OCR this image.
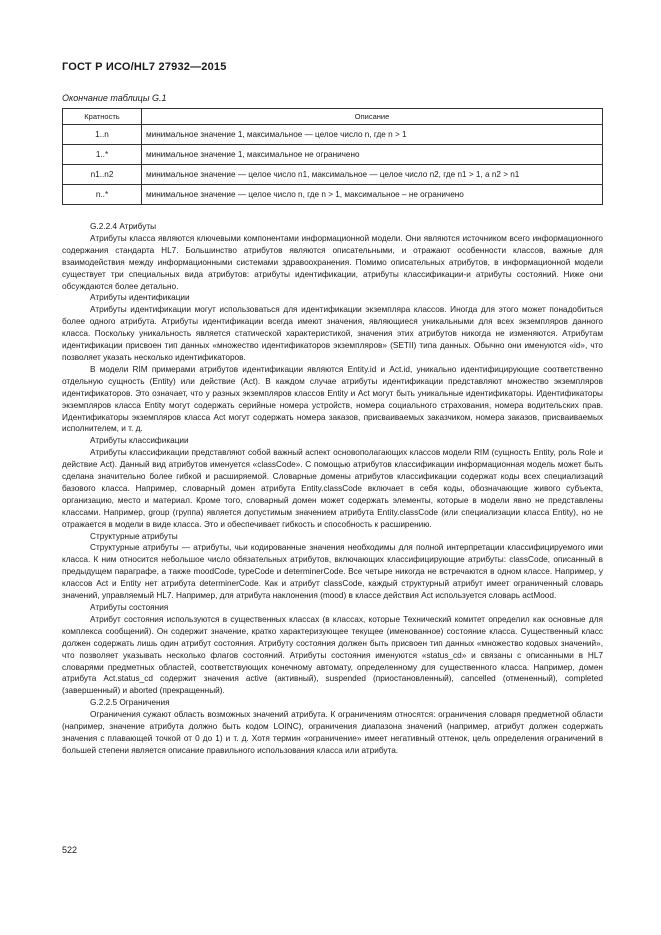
ГОСТ Р ИСО/HL7 27932—2015
Окончание таблицы G.1
Кратность	Описание
1..n	минимальное значение 1, максимальное — целое число n, где n > 1
1..*	минимальное значение 1, максимальное не ограничено
n1..n2	минимальное значение — целое число n1, максимальное — целое число n2, где n1 > 1, а n2 > n1
n..*	минимальное значение — целое число n, где n > 1, максимальное – не ограничено

G.2.2.4 Атрибуты

Атрибуты класса являются ключевыми компонентами информационной модели. Они являются источником всего информационного содержания стандарта HL7. Большинство атрибутов являются описательными, и отражают особенности классов, важные для взаимодействия между информационными системами здравоохранения. Помимо описательных атрибутов, в информационной модели существует три специальных вида атрибутов: атрибуты идентификации, атрибуты классификации-и атрибуты состояний. Ниже они обсуждаются более детально.

Атрибуты идентификации

Атрибуты идентификации могут использоваться для идентификации экземпляра классов. Иногда для этого может понадобиться более одного атрибута. Атрибуты идентификации всегда имеют значения, являющиеся уникальными для всех экземпляров данного класса. Поскольку уникальность является статической характеристикой, значения этих атрибутов никогда не изменяются. Атрибутам идентификации присвоен тип данных «множество идентификаторов экземпляров» (SETII) типа данных. Обычно они именуются «id», что позволяет указать несколько идентификаторов.

В модели RIM примерами атрибутов идентификации являются Entity.id и Act.id, уникально идентифицирующие соответственно отдельную сущность (Entity) или действие (Act). В каждом случае атрибуты идентификации представляют множество экземпляров идентификаторов. Это означает, что у разных экземпляров классов Entity и Act могут быть уникальные идентификаторы. Идентификаторы экземпляров класса Entity могут содержать серийные номера устройств, номера социального страхования, номера водительских прав. Идентификаторы экземпляров класса Act могут содержать номера заказов, присваиваемых заказчиком, номера заказов, присваиваемых исполнителем, и т. д.

Атрибуты классификации

Атрибуты классификации представляют собой важный аспект основополагающих классов модели RIM (сущность Entity, роль Role и действие Act). Данный вид атрибутов именуется «classCode». С помощью атрибутов классификации информационная модель может быть сделана значительно более гибкой и расширяемой. Словарные домены атрибутов классификации содержат коды всех специализаций базового класса. Например, словарный домен атрибута Entity.classCode включает в себя коды, обозначающие живого субъекта, организацию, место и материал. Кроме того, словарный домен может содержать элементы, которые в модели явно не представлены классами. Например, group (группа) является допустимым значением атрибута Entity.classCode (или специализации класса Entity), но не отражается в модели в виде класса. Это и обеспечивает гибкость и способность к расширению.

Структурные атрибуты

Структурные атрибуты — атрибуты, чьи кодированные значения необходимы для полной интерпретации классифицируемого ими класса. К ним относится небольшое число обязательных атрибутов, включающих классифицирующие атрибуты: classCode, описанный в предыдущем параграфе, а также moodCode, typeCode и determinerCode. Все четыре никогда не встречаются в одном классе. Например, у классов Act и Entity нет атрибута determinerCode. Как и атрибут classCode, каждый структурный атрибут имеет ограниченный словарь значений, управляемый HL7. Например, для атрибута наклонения (mood) в классе действия Act используется словарь actMood.

Атрибуты состояния

Атрибут состояния используются в существенных классах (в классах, которые Технический комитет определил как основные для комплекса сообщений). Он содержит значение, кратко характеризующее текущее (именованное) состояние класса. Существенный класс должен содержать лишь один атрибут состояния. Атрибуту состояния должен быть присвоен тип данных «множество кодовых значений», что позволяет указывать несколько флагов состояний. Атрибуты состояния именуются «status_cd» и связаны с описанными в HL7 словарями предметных областей, соответствующих конечному автомату, определенному для существенного класса. Например, домен атрибута Act.status_cd содержит значения active (активный), suspended (приостановленный), cancelled (отмененный), completed (завершенный) и aborted (прекращенный).

G.2.2.5 Ограничения

Ограничения сужают область возможных значений атрибута. К ограничениям относятся: ограничения словаря предметной области (например, значение атрибута должно быть кодом LOINC), ограничения диапазона значений (например, атрибут должен содержать значения с плавающей точкой от 0 до 1) и т. д. Хотя термин «ограничение» имеет негативный оттенок, цель определения ограничений в большей степени является описание правильного использования класса или атрибута.

522
